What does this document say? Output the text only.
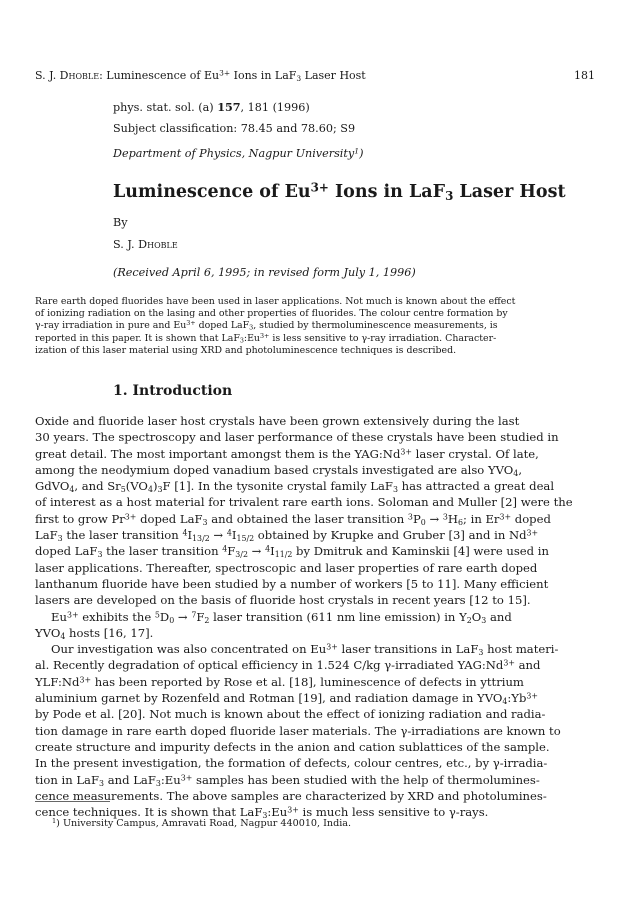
S. J. Dhoble: Luminescence of $Eu^{3+}$ Ions in LaF$_3$ Laser Host	181
phys. stat. sol. (a) 157, 181 (1996)
Subject classification: 78.45 and 78.60; S9
Department of Physics, Nagpur University$^1$)
Luminescence of $Eu^{3+}$ Ions in LaF$_3$ Laser Host
By
S. J. Dhoble
(Received April 6, 1995; in revised form July 1, 1996)
Rare earth doped fluorides have been used in laser applications. Not much is known about the effect
of ionizing radiation on the lasing and other properties of fluorides. The colour centre formation by
γ-ray irradiation in pure and $Eu^{3+}$ doped LaF$_3$, studied by thermoluminescence measurements, is
reported in this paper. It is shown that $LaF_3:Eu^{3+}$ is less sensitive to γ-ray irradiation. Character-
ization of this laser material using XRD and photoluminescence techniques is described.
1. Introduction

Oxide and fluoride laser host crystals have been grown extensively during the last
30 years. The spectroscopy and laser performance of these crystals have been studied in
great detail. The most important amongst them is the $YAG:Nd^{3+}$ laser crystal. Of late,
among the neodymium doped vanadium based crystals investigated are also $YVO_4$,
GdVO$_4$, and $Sr_5(VO_4)_3F$ [1]. In the tysonite crystal family LaF$_3$ has attracted a great deal
of interest as a host material for trivalent rare earth ions. Soloman and Muller [2] were the
first to grow $Pr^{3+}$ doped LaF$_3$ and obtained the laser transition $^3P_0 \to ^3H_6$; in $Er^{3+}$ doped
LaF$_3$ the laser transition $^4I_{13/2} \to ^4I_{15/2}$ obtained by Krupke and Gruber [3] and in $Nd^{3+}$
doped LaF$_3$ the laser transition $^4F_{3/2} \to ^4I_{11/2}$ by Dmitruk and Kaminskii [4] were used in
laser applications. Thereafter, spectroscopic and laser properties of rare earth doped
lanthanum fluoride have been studied by a number of workers [5 to 11]. Many efficient
lasers are developed on the basis of fluoride host crystals in recent years [12 to 15].

$Eu^{3+}$ exhibits the $^5D_0 \to ^7F_2$ laser transition (611 nm line emission) in $Y_2O_3$ and
$YVO_4$ hosts [16, 17].

Our investigation was also concentrated on $Eu^{3+}$ laser transitions in LaF$_3$ host materi-
al. Recently degradation of optical efficiency in 1.524 C/kg γ-irradiated $YAG:Nd^{3+}$ and
$YLF:Nd^{3+}$ has been reported by Rose et al. [18], luminescence of defects in yttrium
aluminium garnet by Rozenfeld and Rotman [19], and radiation damage in $YVO_4:Yb^{3+}$
by Pode et al. [20]. Not much is known about the effect of ionizing radiation and radia-
tion damage in rare earth doped fluoride laser materials. The γ-irradiations are known to
create structure and impurity defects in the anion and cation sublattices of the sample.
In the present investigation, the formation of defects, colour centres, etc., by γ-irradia-
tion in LaF$_3$ and $LaF_3:Eu^{3+}$ samples has been studied with the help of thermolumines-
cence measurements. The above samples are characterized by XRD and photolumines-
cence techniques. It is shown that $LaF_3:Eu^{3+}$ is much less sensitive to γ-rays.

$^1$) University Campus, Amravati Road, Nagpur 440010, India.
